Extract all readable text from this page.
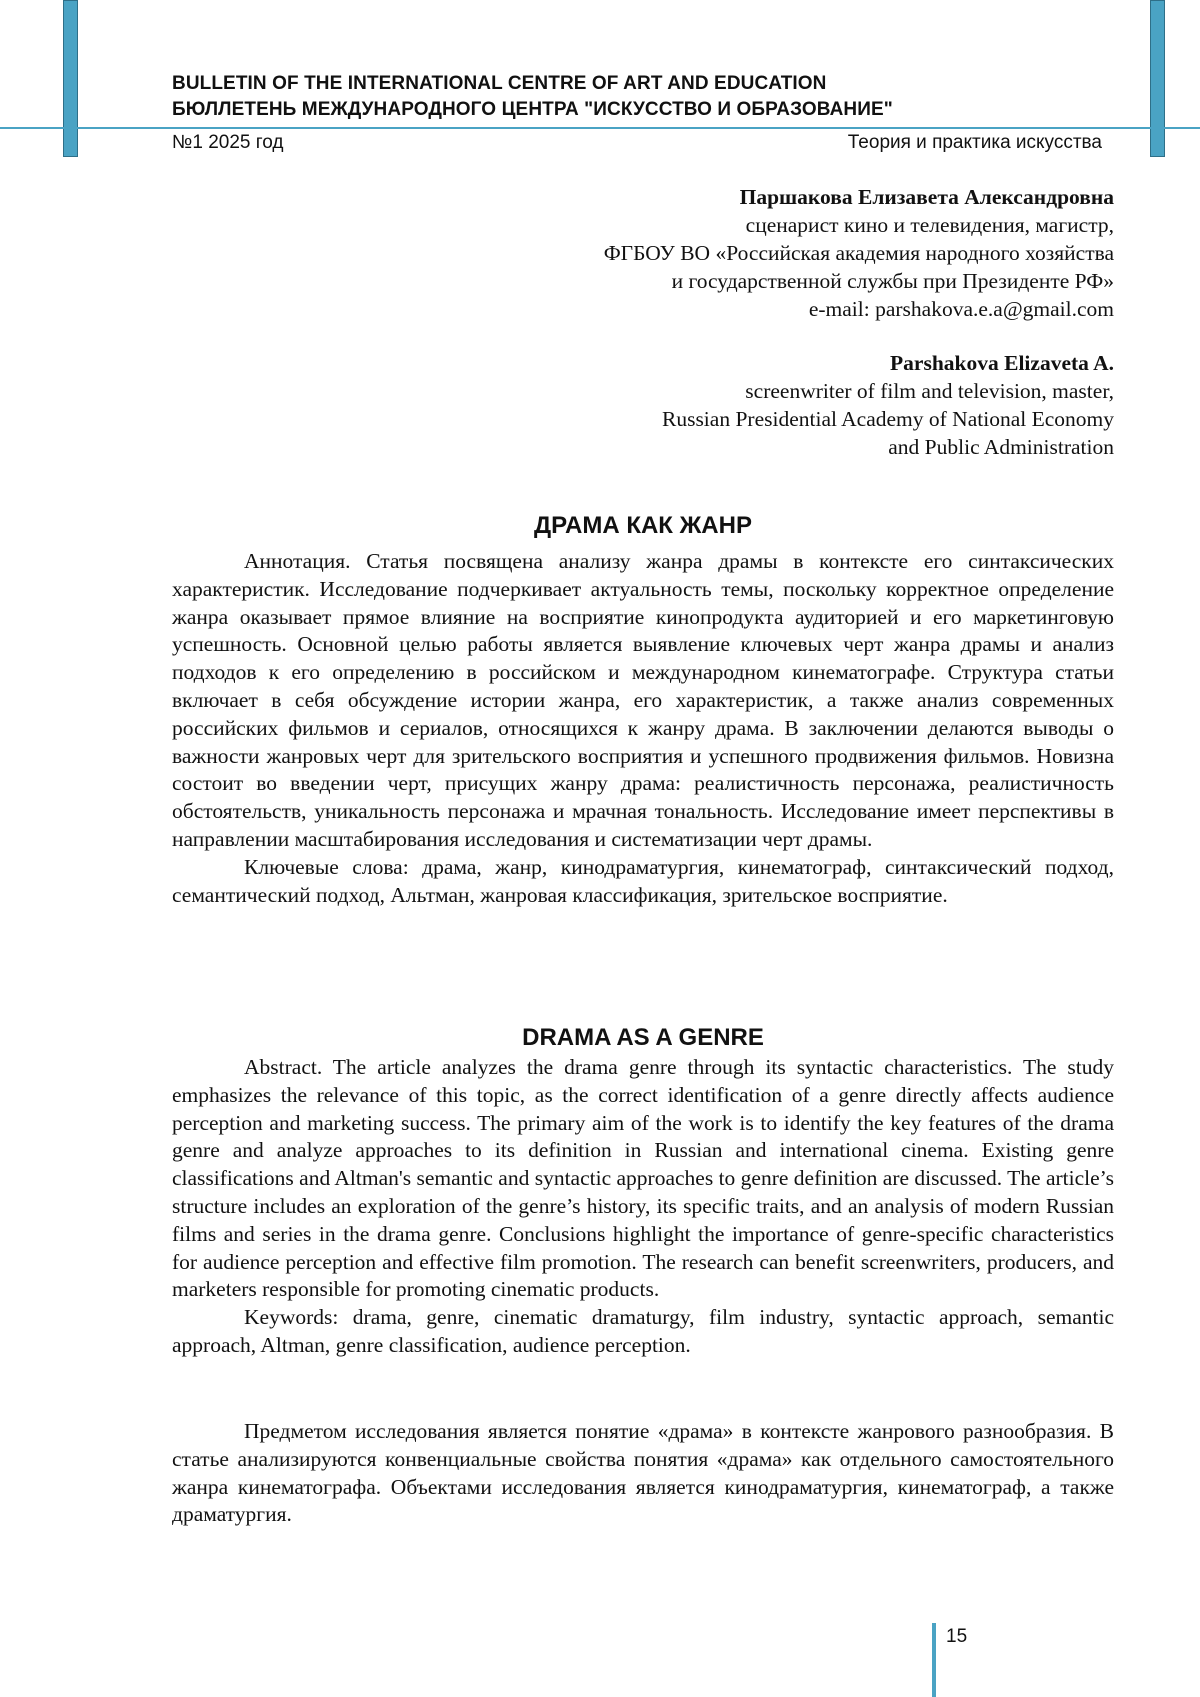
BULLETIN OF THE INTERNATIONAL CENTRE OF ART AND EDUCATION
БЮЛЛЕТЕНЬ МЕЖДУНАРОДНОГО ЦЕНТРА "ИСКУССТВО И ОБРАЗОВАНИЕ"
№1 2025 год	Теория и практика искусства
Паршакова Елизавета Александровна
сценарист кино и телевидения, магистр,
ФГБОУ ВО «Российская академия народного хозяйства
и государственной службы при Президенте РФ»
e-mail: parshakova.e.a@gmail.com
Parshakova Elizaveta A.
screenwriter of film and television, master,
Russian Presidential Academy of National Economy
and Public Administration
ДРАМА КАК ЖАНР

Аннотация. Статья посвящена анализу жанра драмы в контексте его синтаксических характеристик. Исследование подчеркивает актуальность темы, поскольку корректное определение жанра оказывает прямое влияние на восприятие кинопродукта аудиторией и его маркетинговую успешность. Основной целью работы является выявление ключевых черт жанра драмы и анализ подходов к его определению в российском и международном кинематографе. Структура статьи включает в себя обсуждение истории жанра, его характеристик, а также анализ современных российских фильмов и сериалов, относящихся к жанру драма. В заключении делаются выводы о важности жанровых черт для зрительского восприятия и успешного продвижения фильмов. Новизна состоит во введении черт, присущих жанру драма: реалистичность персонажа, реалистичность обстоятельств, уникальность персонажа и мрачная тональность. Исследование имеет перспективы в направлении масштабирования исследования и систематизации черт драмы.

Ключевые слова: драма, жанр, кинодраматургия, кинематограф, синтаксический подход, семантический подход, Альтман, жанровая классификация, зрительское восприятие.

DRAMA AS A GENRE

Abstract. The article analyzes the drama genre through its syntactic characteristics. The study emphasizes the relevance of this topic, as the correct identification of a genre directly affects audience perception and marketing success. The primary aim of the work is to identify the key features of the drama genre and analyze approaches to its definition in Russian and international cinema. Existing genre classifications and Altman's semantic and syntactic approaches to genre definition are discussed. The article’s structure includes an exploration of the genre’s history, its specific traits, and an analysis of modern Russian films and series in the drama genre. Conclusions highlight the importance of genre-specific characteristics for audience perception and effective film promotion. The research can benefit screenwriters, producers, and marketers responsible for promoting cinematic products.

Keywords: drama, genre, cinematic dramaturgy, film industry, syntactic approach, semantic approach, Altman, genre classification, audience perception.

Предметом исследования является понятие «драма» в контексте жанрового разнообразия. В статье анализируются конвенциальные свойства понятия «драма» как отдельного самостоятельного жанра кинематографа. Объектами исследования является кинодраматургия, кинематограф, а также драматургия.

15
